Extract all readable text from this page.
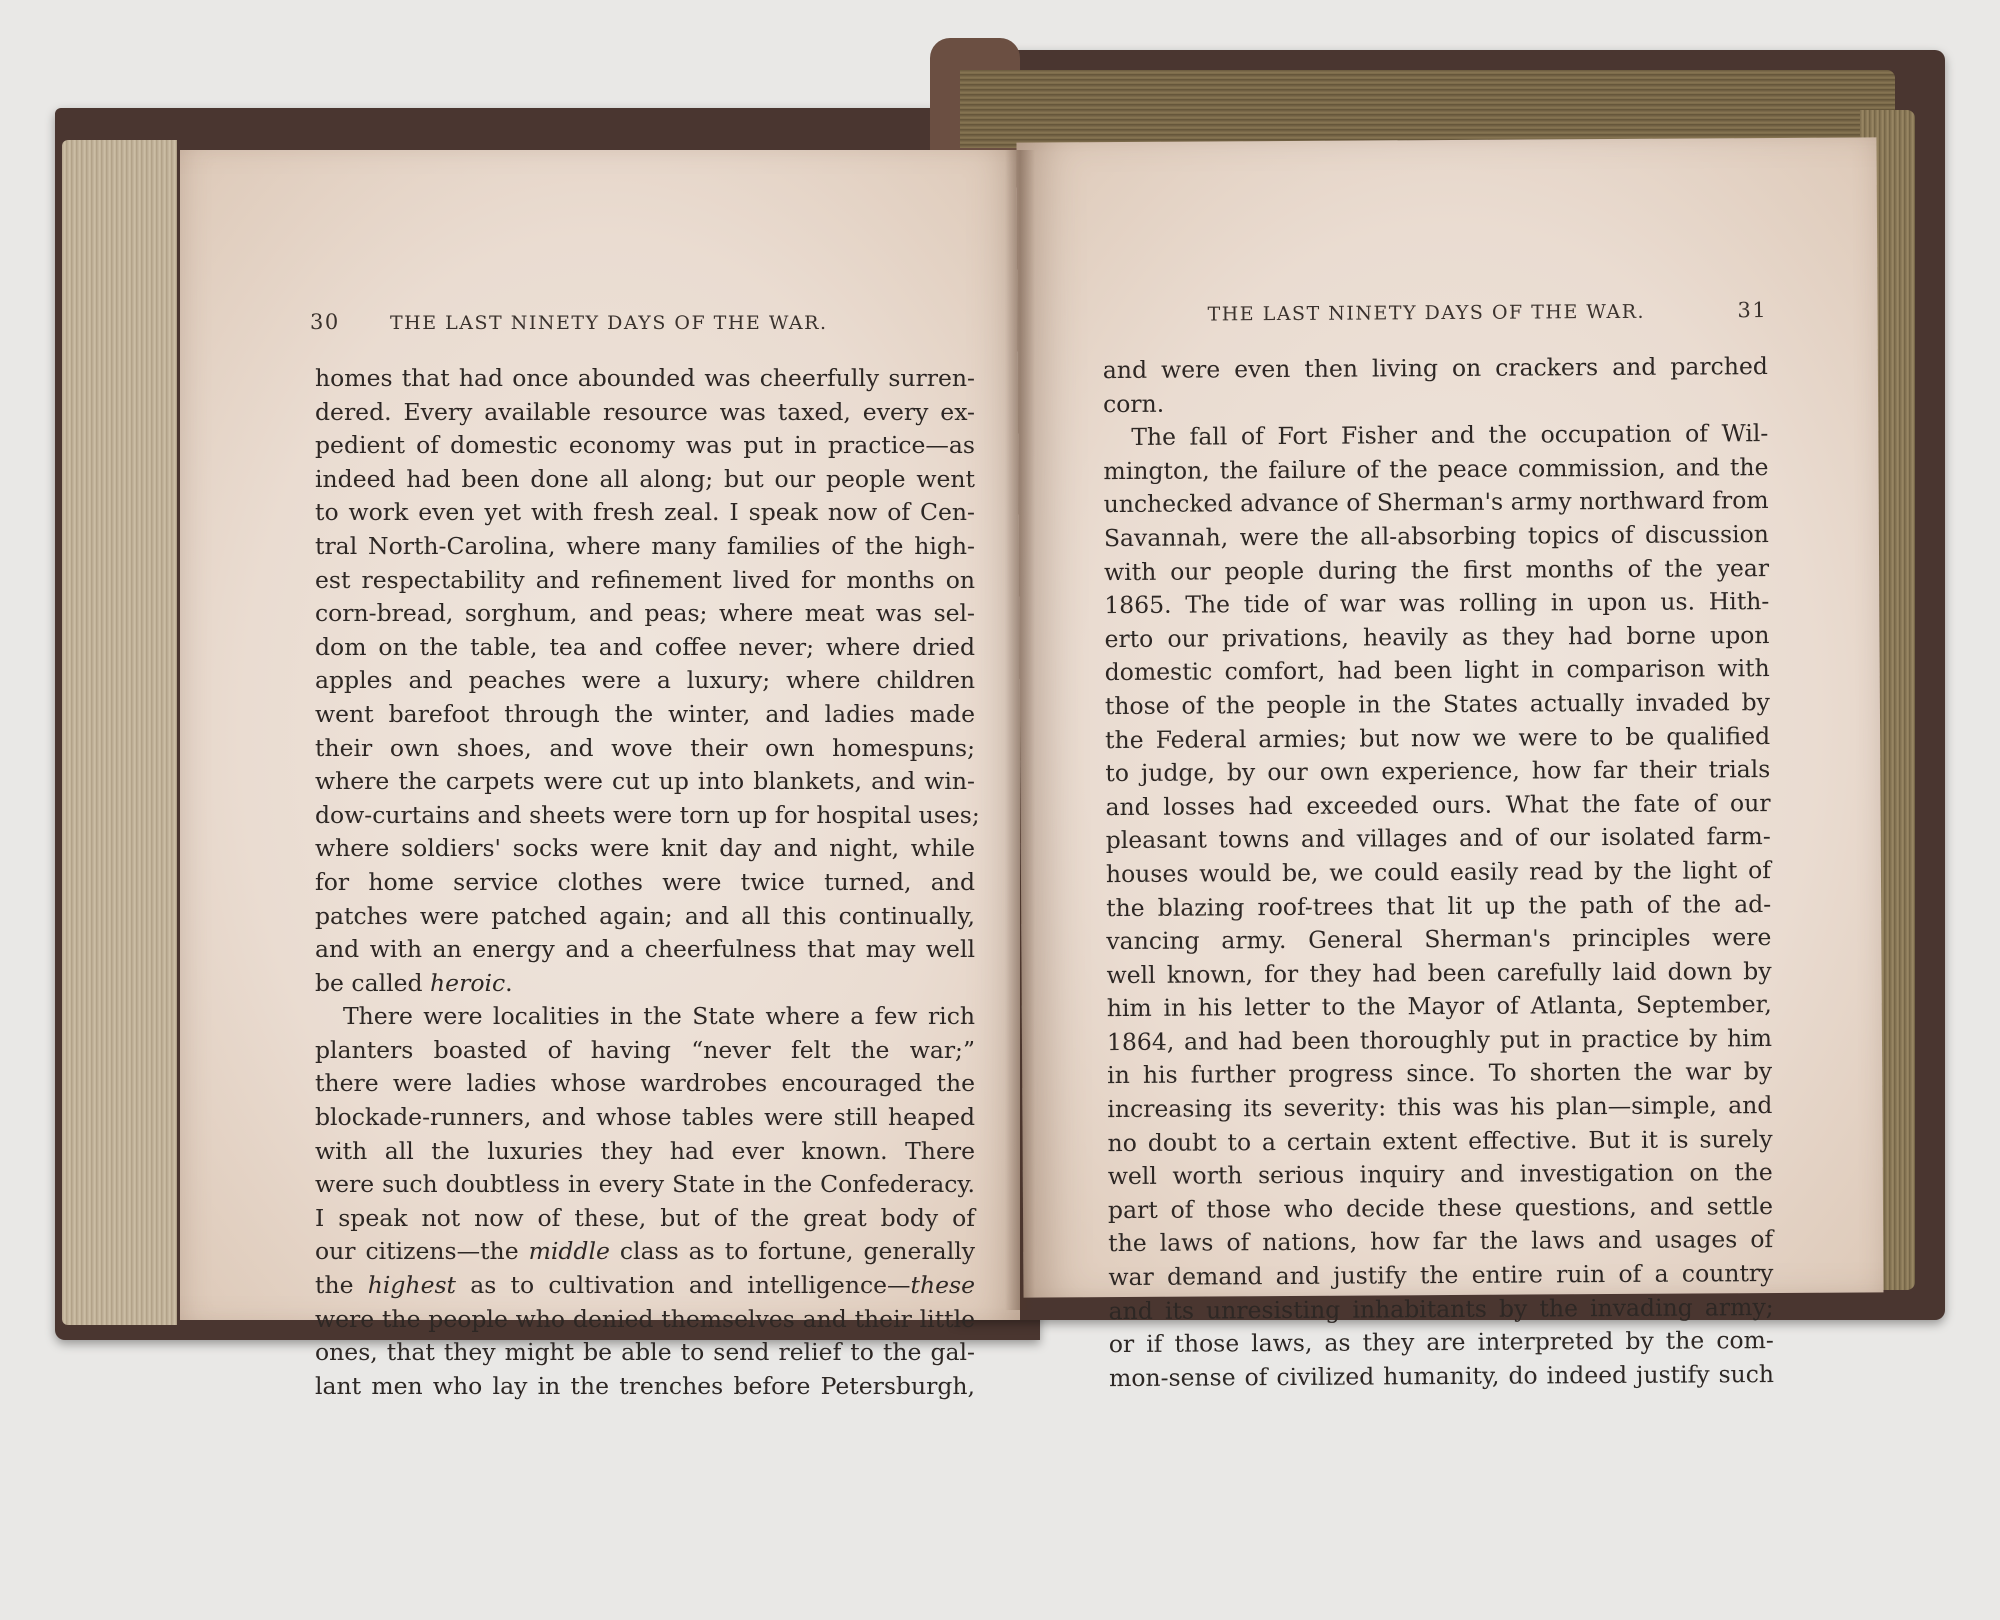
30	THE LAST NINETY DAYS OF THE WAR.

homes that had once abounded was cheerfully surren-
dered. Every available resource was taxed, every ex-
pedient of domestic economy was put in practice—as
indeed had been done all along; but our people went
to work even yet with fresh zeal. I speak now of Cen-
tral North-Carolina, where many families of the high-
est respectability and refinement lived for months on
corn-bread, sorghum, and peas; where meat was sel-
dom on the table, tea and coffee never; where dried
apples and peaches were a luxury; where children
went barefoot through the winter, and ladies made
their own shoes, and wove their own homespuns;
where the carpets were cut up into blankets, and win-
dow-curtains and sheets were torn up for hospital uses;
where soldiers' socks were knit day and night, while
for home service clothes were twice turned, and
patches were patched again; and all this continually,
and with an energy and a cheerfulness that may well
be called heroic.

There were localities in the State where a few rich
planters boasted of having “never felt the war;”
there were ladies whose wardrobes encouraged the
blockade-runners, and whose tables were still heaped
with all the luxuries they had ever known. There
were such doubtless in every State in the Confederacy.
I speak not now of these, but of the great body of
our citizens—the middle class as to fortune, generally
the highest as to cultivation and intelligence—these
were the people who denied themselves and their little
ones, that they might be able to send relief to the gal-
lant men who lay in the trenches before Petersburgh,

THE LAST NINETY DAYS OF THE WAR.	31

and were even then living on crackers and parched
corn.

The fall of Fort Fisher and the occupation of Wil-
mington, the failure of the peace commission, and the
unchecked advance of Sherman's army northward from
Savannah, were the all-absorbing topics of discussion
with our people during the first months of the year
1865. The tide of war was rolling in upon us. Hith-
erto our privations, heavily as they had borne upon
domestic comfort, had been light in comparison with
those of the people in the States actually invaded by
the Federal armies; but now we were to be qualified
to judge, by our own experience, how far their trials
and losses had exceeded ours. What the fate of our
pleasant towns and villages and of our isolated farm-
houses would be, we could easily read by the light of
the blazing roof-trees that lit up the path of the ad-
vancing army. General Sherman's principles were
well known, for they had been carefully laid down by
him in his letter to the Mayor of Atlanta, September,
1864, and had been thoroughly put in practice by him
in his further progress since. To shorten the war by
increasing its severity: this was his plan—simple, and
no doubt to a certain extent effective. But it is surely
well worth serious inquiry and investigation on the
part of those who decide these questions, and settle
the laws of nations, how far the laws and usages of
war demand and justify the entire ruin of a country
and its unresisting inhabitants by the invading army;
or if those laws, as they are interpreted by the com-
mon-sense of civilized humanity, do indeed justify such
